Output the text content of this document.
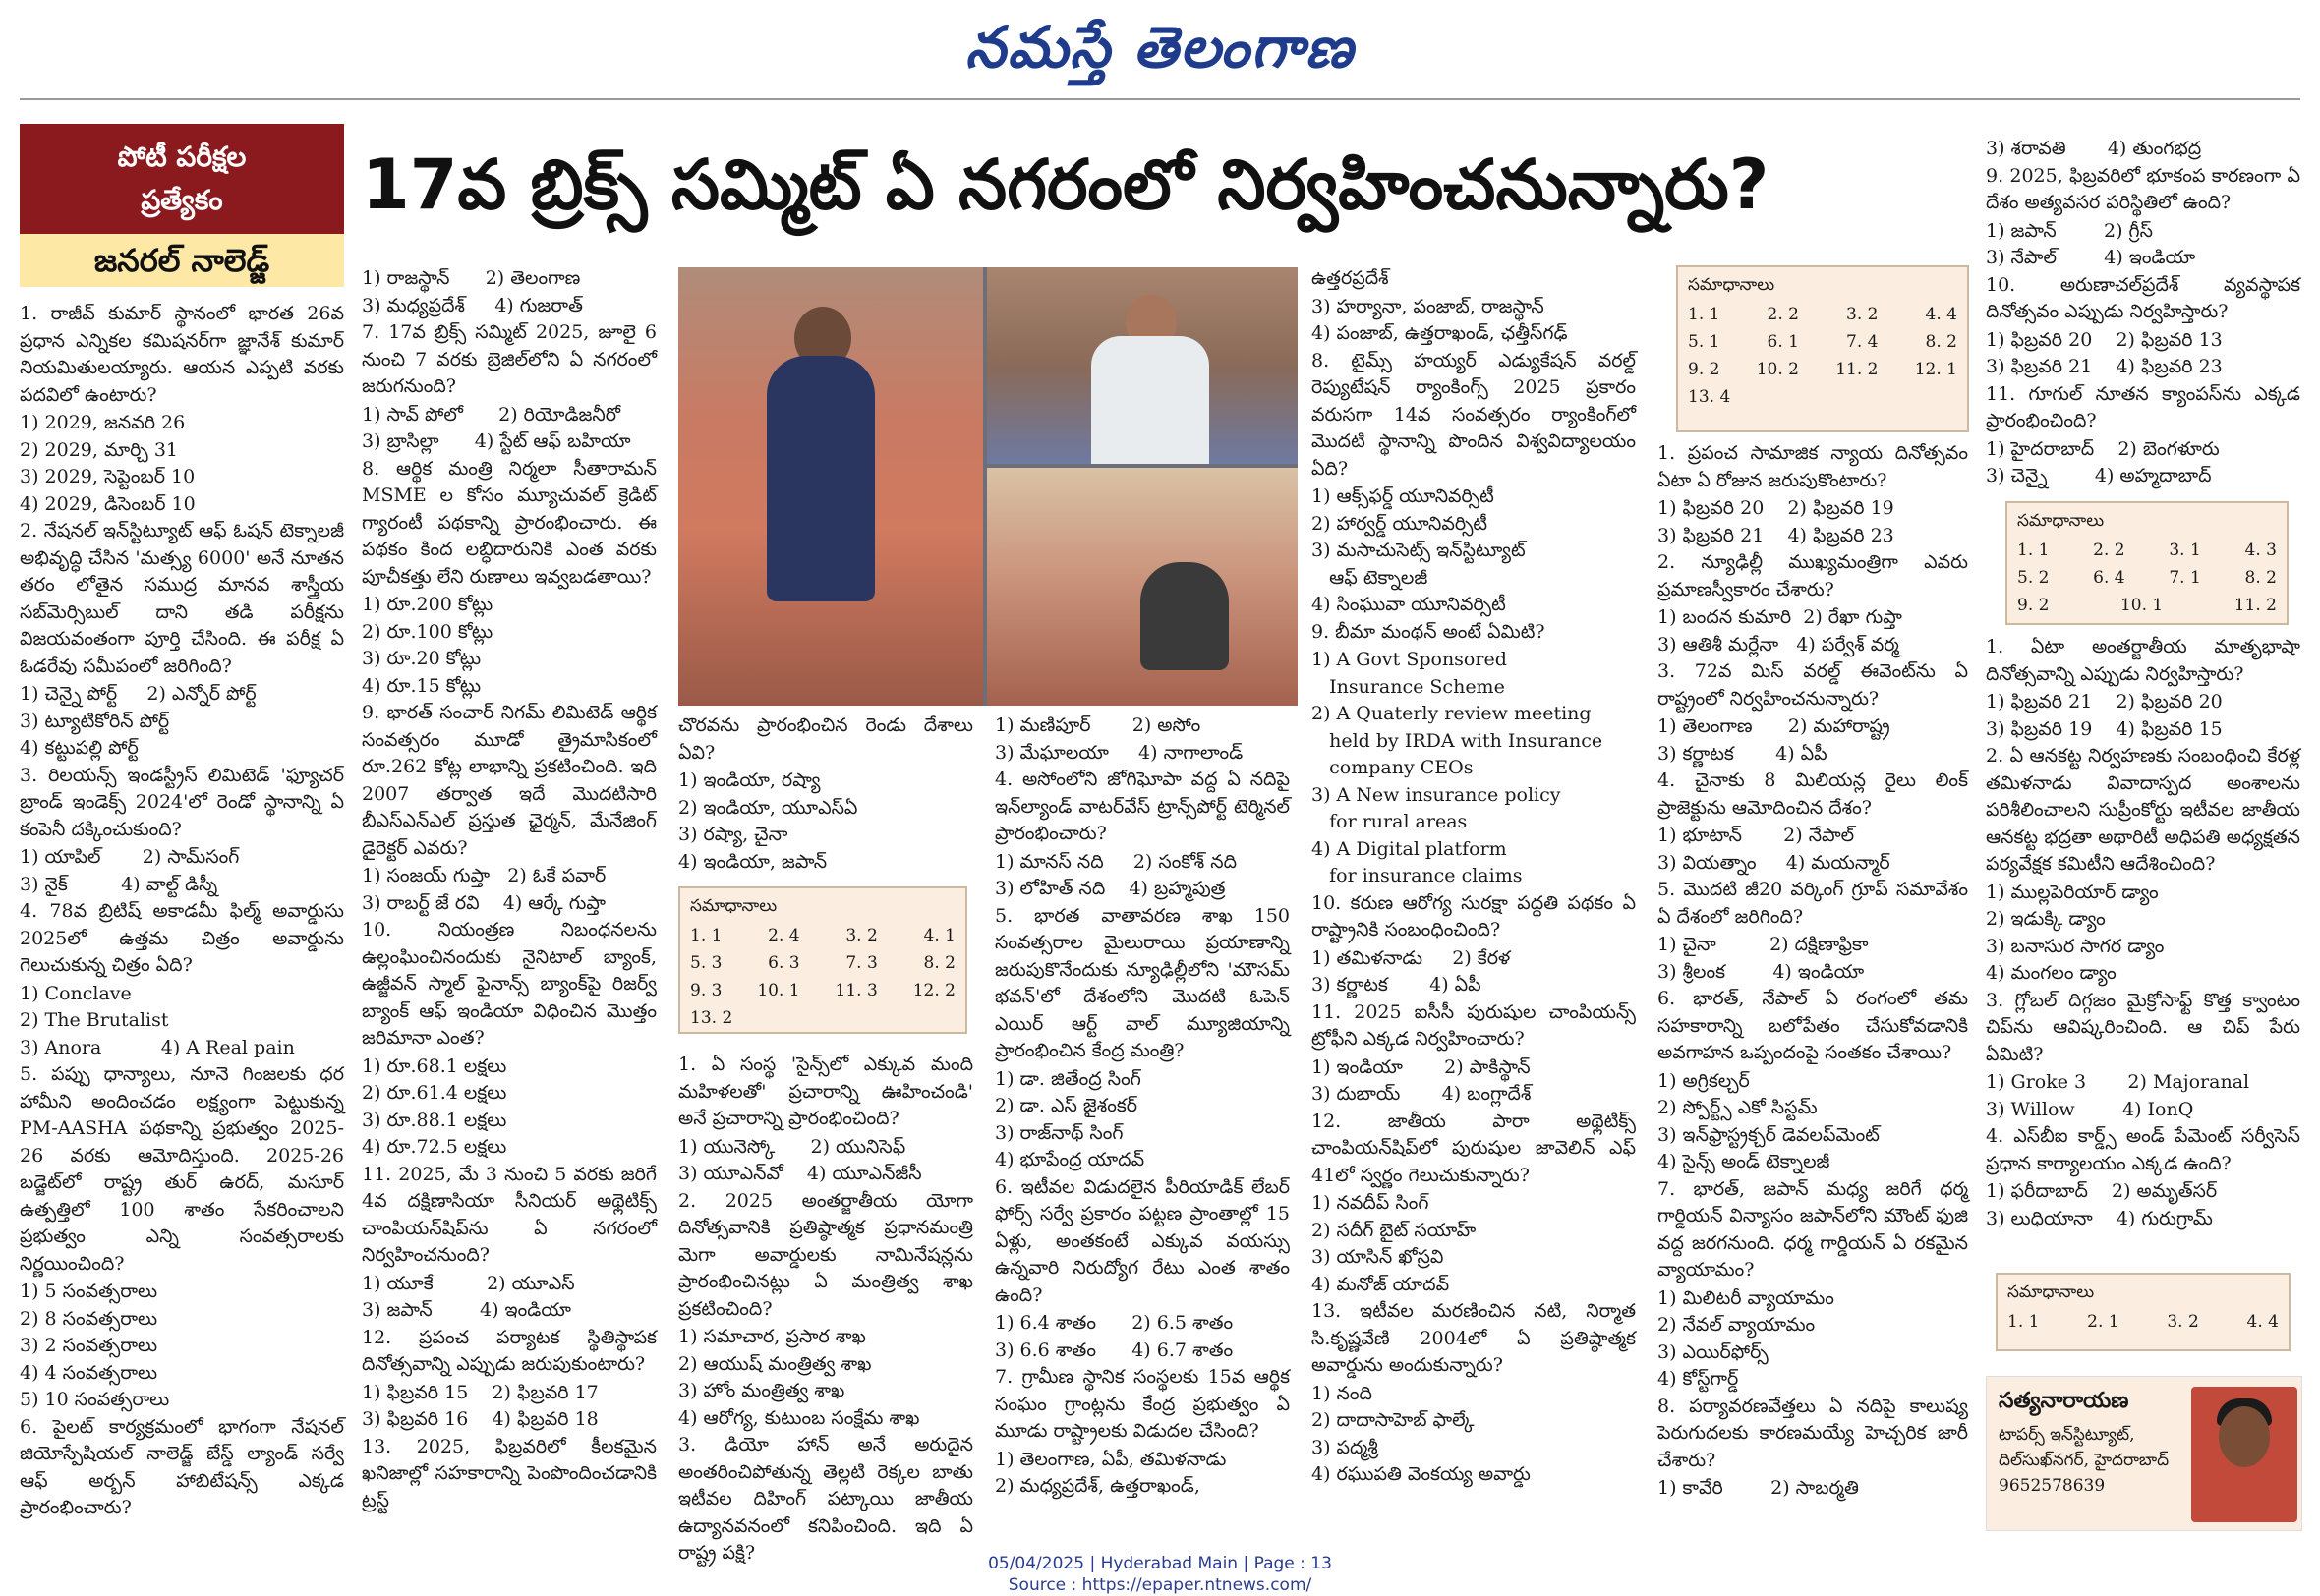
నమస్తే తెలంగాణ
పోటీ పరీక్షల
ప్రత్యేకం
జనరల్ నాలెడ్జ్
17వ బ్రిక్స్ సమ్మిట్ ఏ నగరంలో నిర్వహించనున్నారు?

1. రాజీవ్ కుమార్ స్థానంలో భారత 26వ ప్రధాన ఎన్నికల కమిషనర్‌గా జ్ఞానేశ్ కుమార్ నియమితులయ్యారు. ఆయన ఎప్పటి వరకు పదవిలో ఉంటారు?

1) 2029, జనవరి 26
2) 2029, మార్చి 31
3) 2029, సెప్టెంబర్ 10
4) 2029, డిసెంబర్ 10

2. నేషనల్ ఇన్‌స్టిట్యూట్ ఆఫ్ ఓషన్ టెక్నాలజీ అభివృద్ధి చేసిన 'మత్స్య 6000' అనే నూతన తరం లోతైన సముద్ర మానవ శాస్త్రీయ సబ్‌మెర్సిబుల్ దాని తడి పరీక్షను విజయవంతంగా పూర్తి చేసింది. ఈ పరీక్ష ఏ ఓడరేవు సమీపంలో జరిగింది?

1) చెన్నై పోర్ట్     2) ఎన్నోర్ పోర్ట్
3) ట్యూటికోరిన్ పోర్ట్
4) కట్టుపల్లి పోర్ట్

3. రిలయన్స్ ఇండస్ట్రీస్ లిమిటెడ్ 'ఫ్యూచర్ బ్రాండ్ ఇండెక్స్ 2024'లో రెండో స్థానాన్ని ఏ కంపెనీ దక్కించుకుంది?

1) యాపిల్       2) సామ్‌సంగ్
3) నైక్         4) వాల్ట్ డిస్నీ

4. 78వ బ్రిటిష్ అకాడమీ ఫిల్మ్ అవార్డుసు 2025లో ఉత్తమ చిత్రం అవార్డును గెలుచుకున్న చిత్రం ఏది?

1) Conclave
2) The Brutalist
3) Anora          4) A Real pain

5. పప్పు ధాన్యాలు, నూనె గింజలకు ధర హామీని అందించడం లక్ష్యంగా పెట్టుకున్న PM-AASHA పథకాన్ని ప్రభుత్వం 2025-26 వరకు ఆమోదిస్తుంది. 2025-26 బడ్జెట్‌లో రాష్ట్ర తుర్ ఉరద్, మసూర్ ఉత్పత్తిలో 100 శాతం సేకరించాలని ప్రభుత్వం ఎన్ని సంవత్సరాలకు నిర్ణయించింది?

1) 5 సంవత్సరాలు
2) 8 సంవత్సరాలు
3) 2 సంవత్సరాలు
4) 4 సంవత్సరాలు
5) 10 సంవత్సరాలు

6. పైలట్ కార్యక్రమంలో భాగంగా నేషనల్ జియోస్పేషియల్ నాలెడ్జ్ బేస్డ్ ల్యాండ్ సర్వే ఆఫ్ అర్బన్ హాబిటేషన్స్ ఎక్కడ ప్రారంభించారు?

1) రాజస్థాన్      2) తెలంగాణ
3) మధ్యప్రదేశ్     4) గుజరాత్

7. 17వ బ్రిక్స్ సమ్మిట్ 2025, జూలై 6 నుంచి 7 వరకు బ్రెజిల్‌లోని ఏ నగరంలో జరుగనుంది?

1) సావ్ పోలో      2) రియోడిజనీరో
3) బ్రాసిల్లా      4) స్టేట్ ఆఫ్ బహియా

8. ఆర్థిక మంత్రి నిర్మలా సీతారామన్ MSME ల కోసం మ్యూచువల్ క్రెడిట్ గ్యారంటీ పథకాన్ని ప్రారంభించారు. ఈ పథకం కింద లబ్ధిదారునికి ఎంత వరకు పూచీకత్తు లేని రుణాలు ఇవ్వబడతాయి?

1) రూ.200 కోట్లు
2) రూ.100 కోట్లు
3) రూ.20 కోట్లు
4) రూ.15 కోట్లు

9. భారత్ సంచార్ నిగమ్ లిమిటెడ్ ఆర్థిక సంవత్సరం మూడో త్రైమాసికంలో రూ.262 కోట్ల లాభాన్ని ప్రకటించింది. ఇది 2007 తర్వాత ఇదే మొదటిసారి బీఎస్ఎన్ఎల్ ప్రస్తుత ఛైర్మన్, మేనేజింగ్ డైరెక్టర్ ఎవరు?

1) సంజయ్ గుప్తా   2) ఓకే పవార్
3) రాబర్ట్ జే రవి    4) ఆర్కే గుప్తా

10. నియంత్రణ నిబంధనలను ఉల్లంఘించినందుకు నైనిటాల్ బ్యాంక్, ఉజ్జీవన్ స్మాల్ ఫైనాన్స్ బ్యాంక్‌పై రిజర్వ్ బ్యాంక్ ఆఫ్ ఇండియా విధించిన మొత్తం జరిమానా ఎంత?

1) రూ.68.1 లక్షలు
2) రూ.61.4 లక్షలు
3) రూ.88.1 లక్షలు
4) రూ.72.5 లక్షలు

11. 2025, మే 3 నుంచి 5 వరకు జరిగే 4వ దక్షిణాసియా సీనియర్ అథ్లెటిక్స్ చాంపియన్‌షిప్‌ను ఏ నగరంలో నిర్వహించనుంది?

1) యూకే         2) యూఎస్
3) జపాన్        4) ఇండియా

12. ప్రపంచ పర్యాటక స్థితిస్థాపక దినోత్సవాన్ని ఎప్పుడు జరుపుకుంటారు?

1) ఫిబ్రవరి 15    2) ఫిబ్రవరి 17
3) ఫిబ్రవరి 16    4) ఫిబ్రవరి 18

13. 2025, ఫిబ్రవరిలో కీలకమైన ఖనిజాల్లో సహకారాన్ని పెంపొందించడానికి ట్రస్ట్

చొరవను ప్రారంభించిన రెండు దేశాలు ఏవి?

1) ఇండియా, రష్యా
2) ఇండియా, యూఎస్ఏ
3) రష్యా, చైనా
4) ఇండియా, జపాన్

1. ఏ సంస్థ 'సైన్స్‌లో ఎక్కువ మంది మహిళలతో' ప్రచారాన్ని ఊహించండి' అనే ప్రచారాన్ని ప్రారంభించింది?

1) యునెస్కో      2) యునిసెఫ్
3) యూఎన్‌వో    4) యూఎన్‌జీసీ

2. 2025 అంతర్జాతీయ యోగా దినోత్సవానికి ప్రతిష్ఠాత్మక ప్రధానమంత్రి మెగా అవార్డులకు నామినేషన్లను ప్రారంభించినట్లు ఏ మంత్రిత్వ శాఖ ప్రకటించింది?

1) సమాచార, ప్రసార శాఖ
2) ఆయుష్ మంత్రిత్వ శాఖ
3) హోం మంత్రిత్వ శాఖ
4) ఆరోగ్య, కుటుంబ సంక్షేమ శాఖ

3. డియో హాన్ అనే అరుదైన అంతరించిపోతున్న తెల్లటి రెక్కల బాతు ఇటీవల దిహింగ్ పట్కాయి జాతీయ ఉద్యానవనంలో కనిపించింది. ఇది ఏ రాష్ట్ర పక్షి?

1) మణిపూర్       2) అసోం
3) మేఘాలయా     4) నాగాలాండ్

4. అసోంలోని జోగిఘోపా వద్ద ఏ నదిపై ఇన్‌ల్యాండ్ వాటర్‌వేస్ ట్రాన్స్‌పోర్ట్ టెర్మినల్ ప్రారంభించారు?

1) మానస్ నది     2) సంకోశ్ నది
3) లోహిత్ నది    4) బ్రహ్మపుత్ర

5. భారత వాతావరణ శాఖ 150 సంవత్సరాల మైలురాయి ప్రయాణాన్ని జరుపుకొనేందుకు న్యూఢిల్లీలోని 'మౌసమ్ భవన్'లో దేశంలోని మొదటి ఓపెన్ ఎయిర్ ఆర్ట్ వాల్ మ్యూజియాన్ని ప్రారంభించిన కేంద్ర మంత్రి?

1) డా. జితేంద్ర సింగ్
2) డా. ఎస్ జైశంకర్
3) రాజ్‌నాథ్ సింగ్
4) భూపేంద్ర యాదవ్

6. ఇటీవల విడుదలైన పీరియాడిక్ లేబర్ ఫోర్స్ సర్వే ప్రకారం పట్టణ ప్రాంతాల్లో 15 ఏళ్లు, అంతకంటే ఎక్కువ వయస్సు ఉన్నవారి నిరుద్యోగ రేటు ఎంత శాతం ఉంది?

1) 6.4 శాతం      2) 6.5 శాతం
3) 6.6 శాతం      4) 6.7 శాతం

7. గ్రామీణ స్థానిక సంస్థలకు 15వ ఆర్థిక సంఘం గ్రాంట్లను కేంద్ర ప్రభుత్వం ఏ మూడు రాష్ట్రాలకు విడుదల చేసింది?

1) తెలంగాణ, ఏపీ, తమిళనాడు
2) మధ్యప్రదేశ్, ఉత్తరాఖండ్,

ఉత్తరప్రదేశ్

3) హర్యానా, పంజాబ్, రాజస్థాన్
4) పంజాబ్, ఉత్తరాఖండ్, ఛత్తీస్‌గఢ్

8. టైమ్స్ హయ్యర్ ఎడ్యుకేషన్ వరల్డ్ రెప్యుటేషన్ ర్యాంకింగ్స్ 2025 ప్రకారం వరుసగా 14వ సంవత్సరం ర్యాంకింగ్‌లో మొదటి స్థానాన్ని పొందిన విశ్వవిద్యాలయం ఏది?

1) ఆక్స్‌ఫర్డ్ యూనివర్సిటీ
2) హార్వర్డ్ యూనివర్సిటీ
3) మసాచుసెట్స్ ఇన్‌స్టిట్యూట్
ఆఫ్ టెక్నాలజీ
4) సింఘువా యూనివర్సిటీ

9. బీమా మంథన్ అంటే ఏమిటి?

1) A Govt Sponsored
Insurance Scheme
2) A Quaterly review meeting
held by IRDA with Insurance
company CEOs
3) A New insurance policy
for rural areas
4) A Digital platform
for insurance claims

10. కరుణ ఆరోగ్య సురక్షా పద్ధతి పథకం ఏ రాష్ట్రానికి సంబంధించింది?

1) తమిళనాడు     2) కేరళ
3) కర్ణాటక       4) ఏపీ

11. 2025 ఐసీసీ పురుషుల చాంపియన్స్ ట్రోఫీని ఎక్కడ నిర్వహించారు?

1) ఇండియా       2) పాకిస్థాన్
3) దుబాయ్       4) బంగ్లాదేశ్

12. జాతీయ పారా అథ్లెటిక్స్ చాంపియన్‌షిప్‌లో పురుషుల జావెలిన్ ఎఫ్ 41లో స్వర్ణం గెలుచుకున్నారు?

1) నవదీప్ సింగ్
2) సదీగ్ బైట్ సయాహ్
3) యాసిన్ ఖోస్రవి
4) మనోజ్ యాదవ్

13. ఇటీవల మరణించిన నటి, నిర్మాత సి.కృష్ణవేణి 2004లో ఏ ప్రతిష్ఠాత్మక అవార్డును అందుకున్నారు?

1) నంది
2) దాదాసాహెబ్ ఫాల్కే
3) పద్మశ్రీ
4) రఘుపతి వెంకయ్య అవార్డు

1. ప్రపంచ సామాజిక న్యాయ దినోత్సవం ఏటా ఏ రోజున జరుపుకొంటారు?

1) ఫిబ్రవరి 20    2) ఫిబ్రవరి 19
3) ఫిబ్రవరి 21    4) ఫిబ్రవరి 23

2. న్యూఢిల్లీ ముఖ్యమంత్రిగా ఎవరు ప్రమాణస్వీకారం చేశారు?

1) బందన కుమారి  2) రేఖా గుప్తా
3) ఆతిశీ మర్లేనా   4) పర్వేశ్ వర్మ

3. 72వ మిస్ వరల్డ్ ఈవెంట్‌ను ఏ రాష్ట్రంలో నిర్వహించనున్నారు?

1) తెలంగాణ      2) మహారాష్ట్ర
3) కర్ణాటక       4) ఏపీ

4. చైనాకు 8 మిలియన్ల రైలు లింక్ ప్రాజెక్టును ఆమోదించిన దేశం?

1) భూటాన్       2) నేపాల్
3) వియత్నాం     4) మయన్మార్

5. మొదటి జీ20 వర్కింగ్ గ్రూప్ సమావేశం ఏ దేశంలో జరిగింది?

1) చైనా         2) దక్షిణాఫ్రికా
3) శ్రీలంక        4) ఇండియా

6. భారత్, నేపాల్ ఏ రంగంలో తమ సహకారాన్ని బలోపేతం చేసుకోవడానికి అవగాహన ఒప్పందంపై సంతకం చేశాయి?

1) అగ్రికల్చర్
2) స్పోర్ట్స్ ఎకో సిస్టమ్
3) ఇన్‌ఫ్రాస్ట్రక్చర్ డెవలప్‌మెంట్
4) సైన్స్ అండ్ టెక్నాలజీ

7. భారత్, జపాన్ మధ్య జరిగే ధర్మ గార్డియన్ విన్యాసం జపాన్‌లోని మౌంట్ ఫుజి వద్ద జరగనుంది. ధర్మ గార్డియన్ ఏ రకమైన వ్యాయామం?

1) మిలిటరీ వ్యాయామం
2) నేవల్ వ్యాయామం
3) ఎయిర్‌ఫోర్స్
4) కోస్ట్‌గార్డ్

8. పర్యావరణవేత్తలు ఏ నదిపై కాలుష్య పెరుగుదలకు కారణమయ్యే హెచ్చరిక జారీ చేశారు?

1) కావేరి        2) సాబర్మతి
3) శరావతి       4) తుంగభద్ర

9. 2025, ఫిబ్రవరిలో భూకంప కారణంగా ఏ దేశం అత్యవసర పరిస్థితిలో ఉంది?

1) జపాన్        2) గ్రీస్
3) నేపాల్        4) ఇండియా

10. అరుణాచల్‌ప్రదేశ్ వ్యవస్థాపక దినోత్సవం ఎప్పుడు నిర్వహిస్తారు?

1) ఫిబ్రవరి 20    2) ఫిబ్రవరి 13
3) ఫిబ్రవరి 21    4) ఫిబ్రవరి 23

11. గూగుల్ నూతన క్యాంపస్‌ను ఎక్కడ ప్రారంభించింది?

1) హైదరాబాద్    2) బెంగళూరు
3) చెన్నై        4) అహ్మదాబాద్

1. ఏటా అంతర్జాతీయ మాతృభాషా దినోత్సవాన్ని ఎప్పుడు నిర్వహిస్తారు?

1) ఫిబ్రవరి 21    2) ఫిబ్రవరి 20
3) ఫిబ్రవరి 19    4) ఫిబ్రవరి 15

2. ఏ ఆనకట్ట నిర్వహణకు సంబంధించి కేరళ్ల తమిళనాడు వివాదాస్పద అంశాలను పరిశీలించాలని సుప్రీంకోర్టు ఇటీవల జాతీయ ఆనకట్ట భద్రతా అథారిటీ అధిపతి అధ్యక్షతన పర్యవేక్షక కమిటీని ఆదేశించింది?

1) ముల్లపెరియార్ డ్యాం
2) ఇడుక్కి డ్యాం
3) బనాసుర సాగర డ్యాం
4) మంగలం డ్యాం

3. గ్లోబల్ దిగ్గజం మైక్రోసాఫ్ట్ కొత్త క్వాంటం చిప్‌ను ఆవిష్కరించింది. ఆ చిప్ పేరు ఏమిటి?

1) Groke 3       2) Majoranal
3) Willow        4) IonQ

4. ఎస్‌బీఐ కార్డ్స్ అండ్ పేమెంట్ సర్వీసెస్ ప్రధాన కార్యాలయం ఎక్కడ ఉంది?

1) ఫరీదాబాద్    2) అమృత్‌సర్
3) లుధియానా    4) గురుగ్రామ్
సమాధానాలు
1. 1	2. 4	3. 2	4. 1
5. 3	6. 3	7. 3	8. 2
9. 3 10. 1 11. 3 12. 2
13. 2
సమాధానాలు
1. 1	2. 2	3. 2	4. 4
5. 1	6. 1	7. 4	8. 2
9. 2 10. 2 11. 2 12. 1
13. 4
సమాధానాలు
1. 1	2. 2	3. 1	4. 3
5. 2	6. 4	7. 1	8. 2
9. 2	10. 1	11. 2
సమాధానాలు
1. 1	2. 1	3. 2	4. 4
సత్యనారాయణ
టాపర్స్ ఇన్‌స్టిట్యూట్,
దిల్‌సుఖ్‌నగర్, హైదరాబాద్
9652578639
05/04/2025 | Hyderabad Main | Page : 13
Source : https://epaper.ntnews.com/
